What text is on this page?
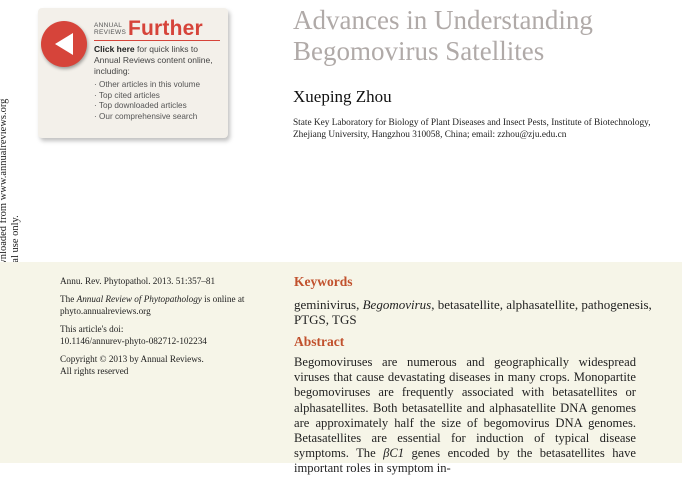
ANNUAL
REVIEWS Further
Click here for quick links to Annual Reviews content online, including:
· Other articles in this volume
· Top cited articles
· Top downloaded articles
· Our comprehensive search
Advances in Understanding
Begomovirus Satellites
Xueping Zhou
State Key Laboratory for Biology of Plant Diseases and Insect Pests, Institute of Biotechnology, Zhejiang University, Hangzhou 310058, China; email: zzhou@zju.edu.cn
Annu. Rev. Phytopathol. 2013. 51:357–81
The Annual Review of Phytopathology is online at phyto.annualreviews.org
This article's doi:
10.1146/annurev-phyto-082712-102234
Copyright © 2013 by Annual Reviews.
All rights reserved
Keywords
geminivirus, Begomovirus, betasatellite, alphasatellite, pathogenesis, PTGS, TGS
Abstract
Begomoviruses are numerous and geographically widespread viruses that cause devastating diseases in many crops. Monopartite begomoviruses are frequently associated with betasatellites or alphasatellites. Both betasatellite and alphasatellite DNA genomes are approximately half the size of begomovirus DNA genomes. Betasatellites are essential for induction of typical disease symptoms. The βC1 genes encoded by the betasatellites have important roles in symptom in-
